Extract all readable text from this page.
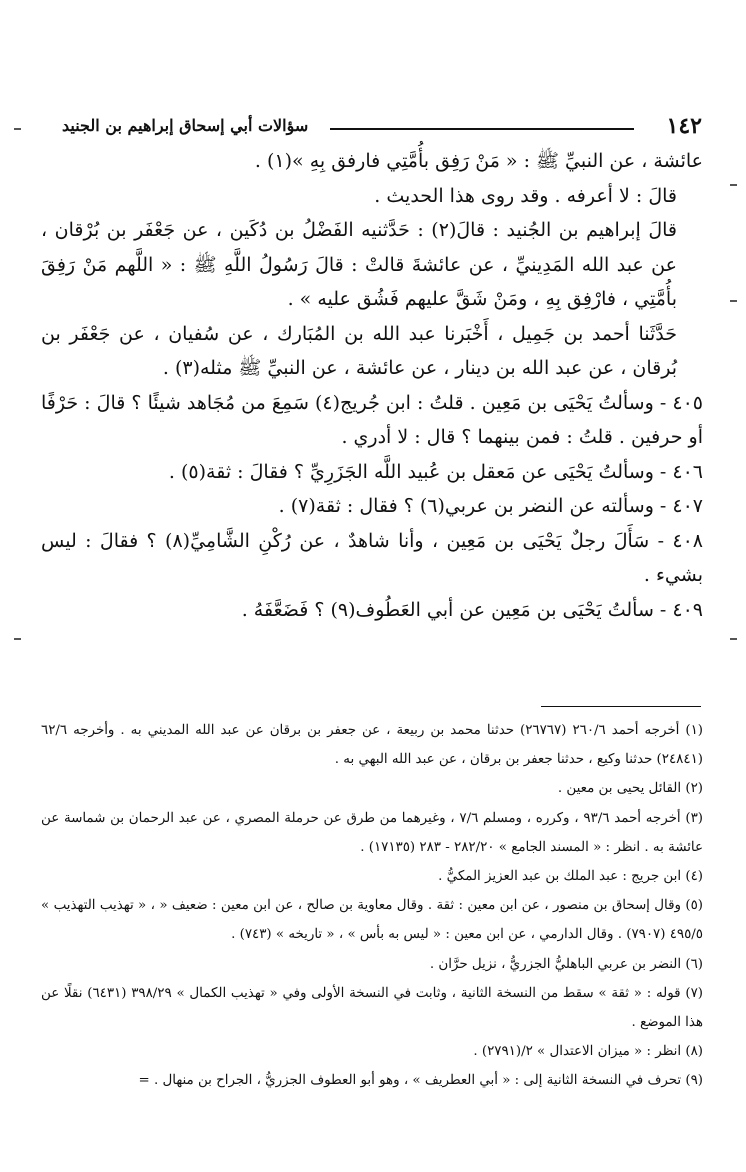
١٤٢
سؤالات أبي إسحاق إبراهيم بن الجنيد

عائشة ، عن النبيِّ ﷺ : « مَنْ رَفِق بأُمَّتِي فارفق بِهِ »(١) .

قالَ : لا أعرفه . وقد روى هذا الحديث .

قالَ إبراهيم بن الجُنيد : قالَ(٢) : حَدَّثنيه الفَضْلُ بن دُكَين ، عن جَعْفَر بن بُرْقان ، عن عبد الله المَدِينيِّ ، عن عائشةَ قالتْ : قالَ رَسُولُ اللَّهِ ﷺ : « اللَّهم مَنْ رَفِقَ بأُمَّتِي ، فارْفِق بِهِ ، ومَنْ شَقَّ عليهم فَشُق عليه » .

حَدَّثَنا أحمد بن جَمِيل ، أَخْبَرنا عبد الله بن المُبَارك ، عن سُفيان ، عن جَعْفَر بن بُرقان ، عن عبد الله بن دينار ، عن عائشة ، عن النبيِّ ﷺ مثله(٣) .

٤٠٥ - وسألتُ يَحْيَى بن مَعِين . قلتُ : ابن جُريج(٤) سَمِعَ من مُجَاهد شيئًا ؟ قالَ : حَرْفًا أو حرفين . قلتُ : فمن بينهما ؟ قال : لا أدري .

٤٠٦ - وسألتُ يَحْيَى عن مَعقل بن عُبيد اللَّه الجَزَرِيِّ ؟ فقالَ : ثقة(٥) .

٤٠٧ - وسألته عن النضر بن عربي(٦) ؟ فقال : ثقة(٧) .

٤٠٨ - سَأَلَ رجلٌ يَحْيَى بن مَعِين ، وأنا شاهدٌ ، عن رُكْنِ الشَّامِيِّ(٨) ؟ فقالَ : ليس بشيء .

٤٠٩ - سألتُ يَحْيَى بن مَعِين عن أبي العَطُوف(٩) ؟ فَضَعَّفَهُ .

(١) أخرجه أحمد ٢٦٠/٦ (٢٦٧٦٧) حدثنا محمد بن ربيعة ، عن جعفر بن برقان عن عبد الله المديني به . وأخرجه ٦٢/٦ (٢٤٨٤١) حدثنا وكيع ، حدثنا جعفر بن برقان ، عن عبد الله البهي به .

(٢) القائل يحيى بن معين .

(٣) أخرجه أحمد ٩٣/٦ ، وكرره ، ومسلم ٧/٦ ، وغيرهما من طرق عن حرملة المصري ، عن عبد الرحمان بن شماسة عن عائشة به . انظر : « المسند الجامع » ٢٨٢/٢٠ - ٢٨٣ (١٧١٣٥) .

(٤) ابن جريج : عبد الملك بن عبد العزيز المكيُّ .

(٥) وقال إسحاق بن منصور ، عن ابن معين : ثقة . وقال معاوية بن صالح ، عن ابن معين : ضعيف « ، « تهذيب التهذيب » ٤٩٥/٥ (٧٩٠٧) . وقال الدارمي ، عن ابن معين : « ليس به بأس » ، « تاريخه » (٧٤٣) .

(٦) النضر بن عربي الباهليُّ الجزريُّ ، نزيل حرَّان .

(٧) قوله : « ثقة » سقط من النسخة الثانية ، وثابت في النسخة الأولى وفي « تهذيب الكمال » ٣٩٨/٢٩ (٦٤٣١) نقلًا عن هذا الموضع .

(٨) انظر : « ميزان الاعتدال » ٢/(٢٧٩١) .

(٩) تحرف في النسخة الثانية إلى : « أبي العطريف » ، وهو أبو العطوف الجزريُّ ، الجراح بن منهال . =
